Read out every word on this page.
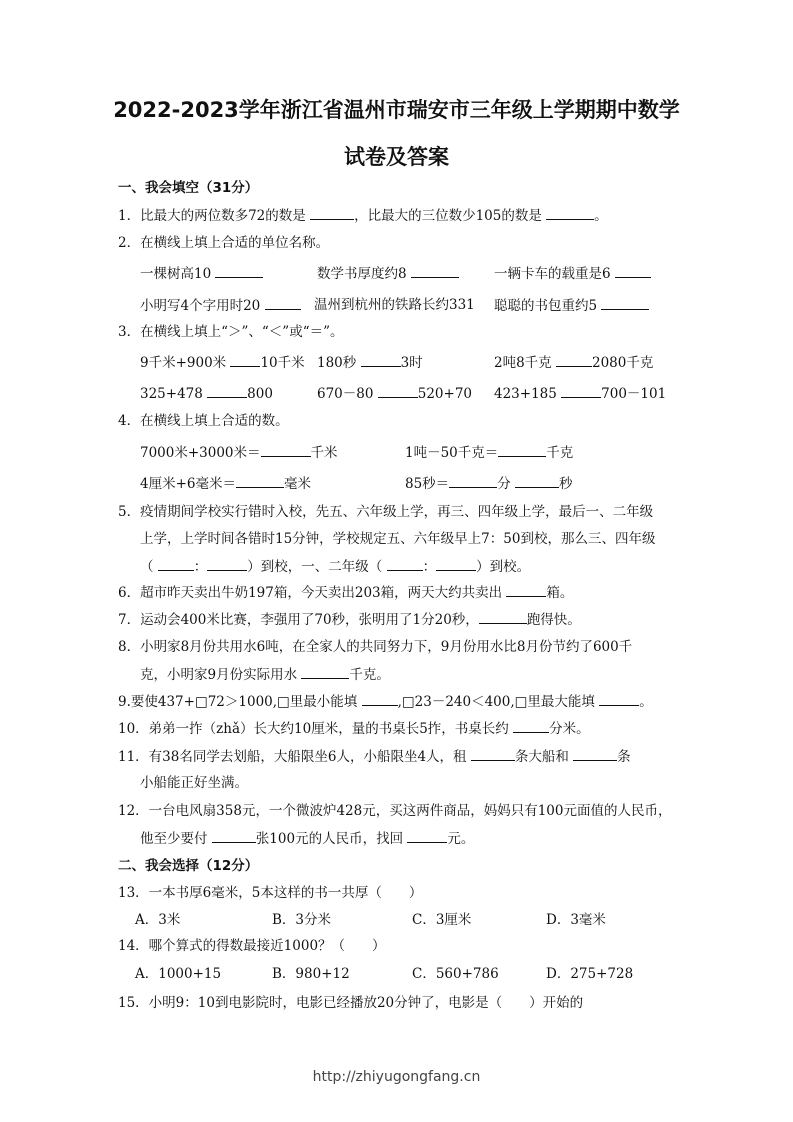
2022-2023学年浙江省温州市瑞安市三年级上学期期中数学
试卷及答案
一、我会填空（31分）
1．比最大的两位数多72的数是	，比最大的三位数少105的数是	。
2．在横线上填上合适的单位名称。
一棵树高10	数学书厚度约8	一辆卡车的载重是6
小明写4个字用时20	温州到杭州的铁路长约331 聪聪的书包重约5
3．在横线上填上“＞”、“＜”或“＝”。
9千米+900米	10千米 180秒	3时	2吨8千克	2080千克
325+478	800	670－80	520+70 423+185	700－101
4．在横线上填上合适的数。
7000米+3000米＝	千米	1吨－50千克＝	千克
4厘米+6毫米＝	毫米	85秒＝	分	秒
5．疫情期间学校实行错时入校，先五、六年级上学，再三、四年级上学，最后一、二年级
上学，上学时间各错时15分钟，学校规定五、六年级早上7：50到校，那么三、四年级
（	：	）到校，一、二年级（	：	）到校。
6．超市昨天卖出牛奶197箱，今天卖出203箱，两天大约共卖出	箱。
7．运动会400米比赛，李强用了70秒，张明用了1分20秒，	跑得快。
8．小明家8月份共用水6吨，在全家人的共同努力下，9月份用水比8月份节约了600千
克，小明家9月份实际用水	千克。
9.要使437+□72＞1000,□里最小能填	,□23－240＜400,□里最大能填	。
10．弟弟一拃（zhǎ）长大约10厘米，量的书桌长5拃，书桌长约	分米。
11．有38名同学去划船，大船限坐6人，小船限坐4人，租	条大船和	条
小船能正好坐满。
12．一台电风扇358元，一个微波炉428元，买这两件商品，妈妈只有100元面值的人民币，
他至少要付	张100元的人民币，找回	元。
二、我会选择（12分）
13．一本书厚6毫米，5本这样的书一共厚（　　）
A．3米	B．3分米	C．3厘米	D．3毫米
14．哪个算式的得数最接近1000？（　　）
A．1000+15	B．980+12	C．560+786	D．275+728
15．小明9：10到电影院时，电影已经播放20分钟了，电影是（　　）开始的
http://zhiyugongfang.cn
